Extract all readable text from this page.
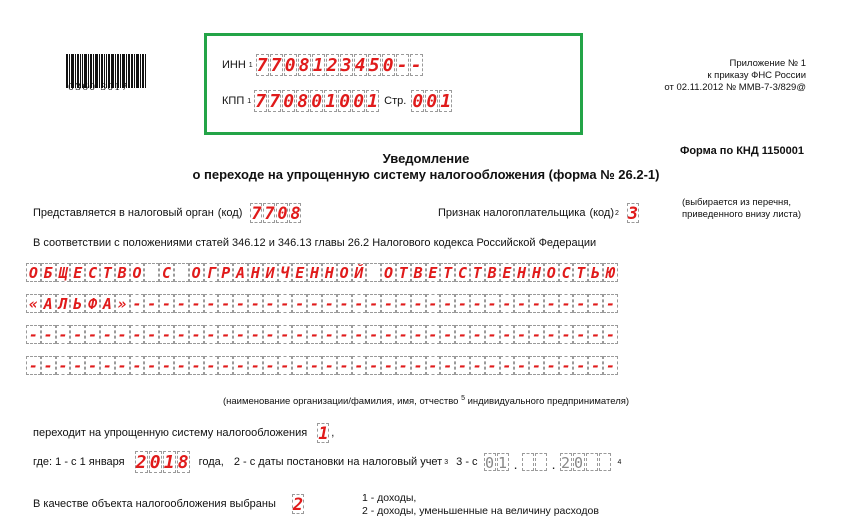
0360 3017
ИНН 1 7 7 0 8 1 2 3 4 5 0 - -
КПП 1 7 7 0 8 0 1 0 0 1 Стр. 0 0 1
Приложение № 1
к приказу ФНС России
от 02.11.2012 № ММВ-7-3/829@
Форма по КНД 1150001
Уведомление
о переходе на упрощенную систему налогообложения (форма № 26.2-1)
Представляется в налоговый орган (код) 7 7 0 8	Признак налогоплательщика (код) 2 3
(выбирается из перечня,
приведенного внизу листа)
В соответствии с положениями статей 346.12 и 346.13 главы 26.2 Налогового кодекса Российской Федерации
О Б Щ Е С Т В О С О Г Р А Н И Ч Е Н Н О Й О Т В Е Т С Т В Е Н Н О С Т Ь Ю
« А Л Ь Ф А » - - - - - - - - - - - - - - - - - - - - - - - - - - - - - - - - -
- - - - - - - - - - - - - - - - - - - - - - - - - - - - - - - - - - - - - - - -
- - - - - - - - - - - - - - - - - - - - - - - - - - - - - - - - - - - - - - - -
(наименование организации/фамилия, имя, отчество $^5$ индивидуального предпринимателя)
переходит на упрощенную систему налогообложения 1 ,
где: 1 - с 1 января 2 0 1 8 года, 2 - с даты постановки на налоговый учет 3 3 - с 0 1 . . 2 0	4
В качестве объекта налогообложения выбраны 2	1 - доходы,
2 - доходы, уменьшенные на величину расходов
